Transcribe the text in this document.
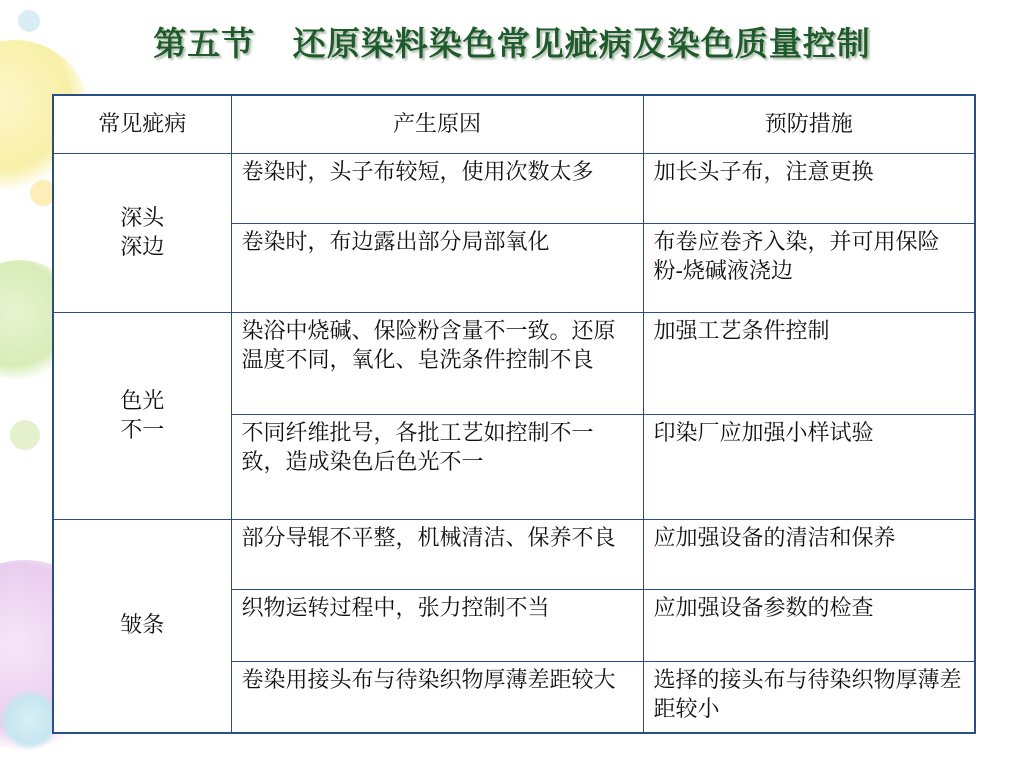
第五节   还原染料染色常见疵病及染色质量控制
常见疵病	产生原因	预防措施

深头
深边	卷染时，头子布较短，使用次数太多	加长头子布，注意更换
	卷染时，布边露出部分局部氧化	布卷应卷齐入染，并可用保险粉-烧碱液浇边

色光
不一	染浴中烧碱、保险粉含量不一致。还原温度不同，氧化、皂洗条件控制不良	加强工艺条件控制
	不同纤维批号，各批工艺如控制不一致，造成染色后色光不一	印染厂应加强小样试验

皱条	部分导辊不平整，机械清洁、保养不良	应加强设备的清洁和保养
	织物运转过程中，张力控制不当	应加强设备参数的检查
	卷染用接头布与待染织物厚薄差距较大	选择的接头布与待染织物厚薄差距较小
